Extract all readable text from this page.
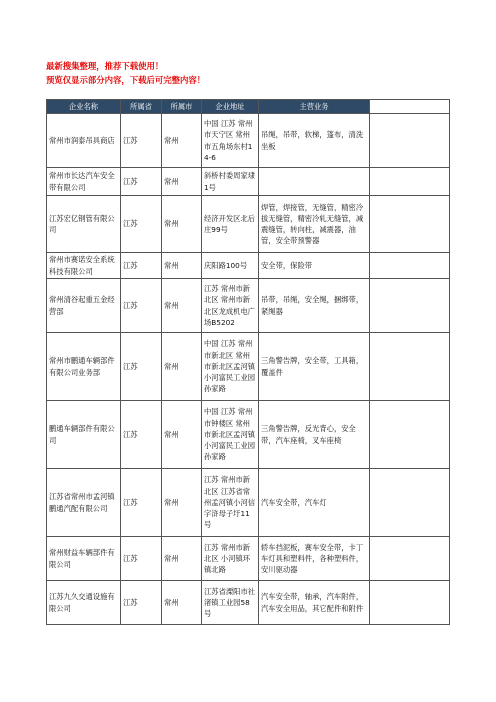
最新搜集整理，推荐下载使用！
预览仅显示部分内容，下载后可完整内容！
企业名称	所属省	所属市	企业地址	主营业务	
常州市润泰吊具商店	江苏	常州	中国 江苏 常州市天宁区 常州市五角场东村14-6	吊绳，吊带，软梯，篷布，清洗坐板	
常州市长达汽车安全带有限公司	江苏	常州	斜桥村委周家埭1号		
江苏宏亿钢管有限公司	江苏	常州	经济开发区北后庄99号	焊管，焊接管，无缝管，精密冷拔无缝管，精密冷轧无缝管，减震缝管，转向柱，减震器，油管，安全带预警器	
常州市赛诺安全系统科技有限公司	江苏	常州	庆阳路100号	安全带，保险带	
常州清谷起重五金经营部	江苏	常州	江苏 常州市新北区 常州市新北区龙成机电广场B5202	吊带，吊绳，安全绳，捆绑带，紧绳器	
常州市鹏通车辆部件有限公司业务部	江苏	常州	中国 江苏 常州市新北区 常州市新北区孟河镇小河富民工业园孙家路	三角警告牌，安全带，工具箱，覆盖件	
鹏通车辆部件有限公司	江苏	常州	中国 江苏 常州市钟楼区 常州市新北区孟河镇小河富民工业园孙家路	三角警告牌，反光背心，安全带，汽车座椅，叉车座椅	
江苏省常州市孟河镇鹏通汽配有限公司	江苏	常州	江苏 常州市新北区 江苏省常州孟河镇小河信字浒母子圩11号	汽车安全带，汽车灯	
常州财益车辆部件有限公司	江苏	常州	江苏 常州市新北区 小河镇环镇北路	轿车挡泥板，赛车安全带，卡丁车灯具和塑料件，各种塑料件，安川驱动器	
江苏九久交通设施有限公司	江苏	常州	江苏省溧阳市社渚镇工业园58号	汽车安全带，轴承，汽车附件，汽车安全用品，其它配件和附件	
